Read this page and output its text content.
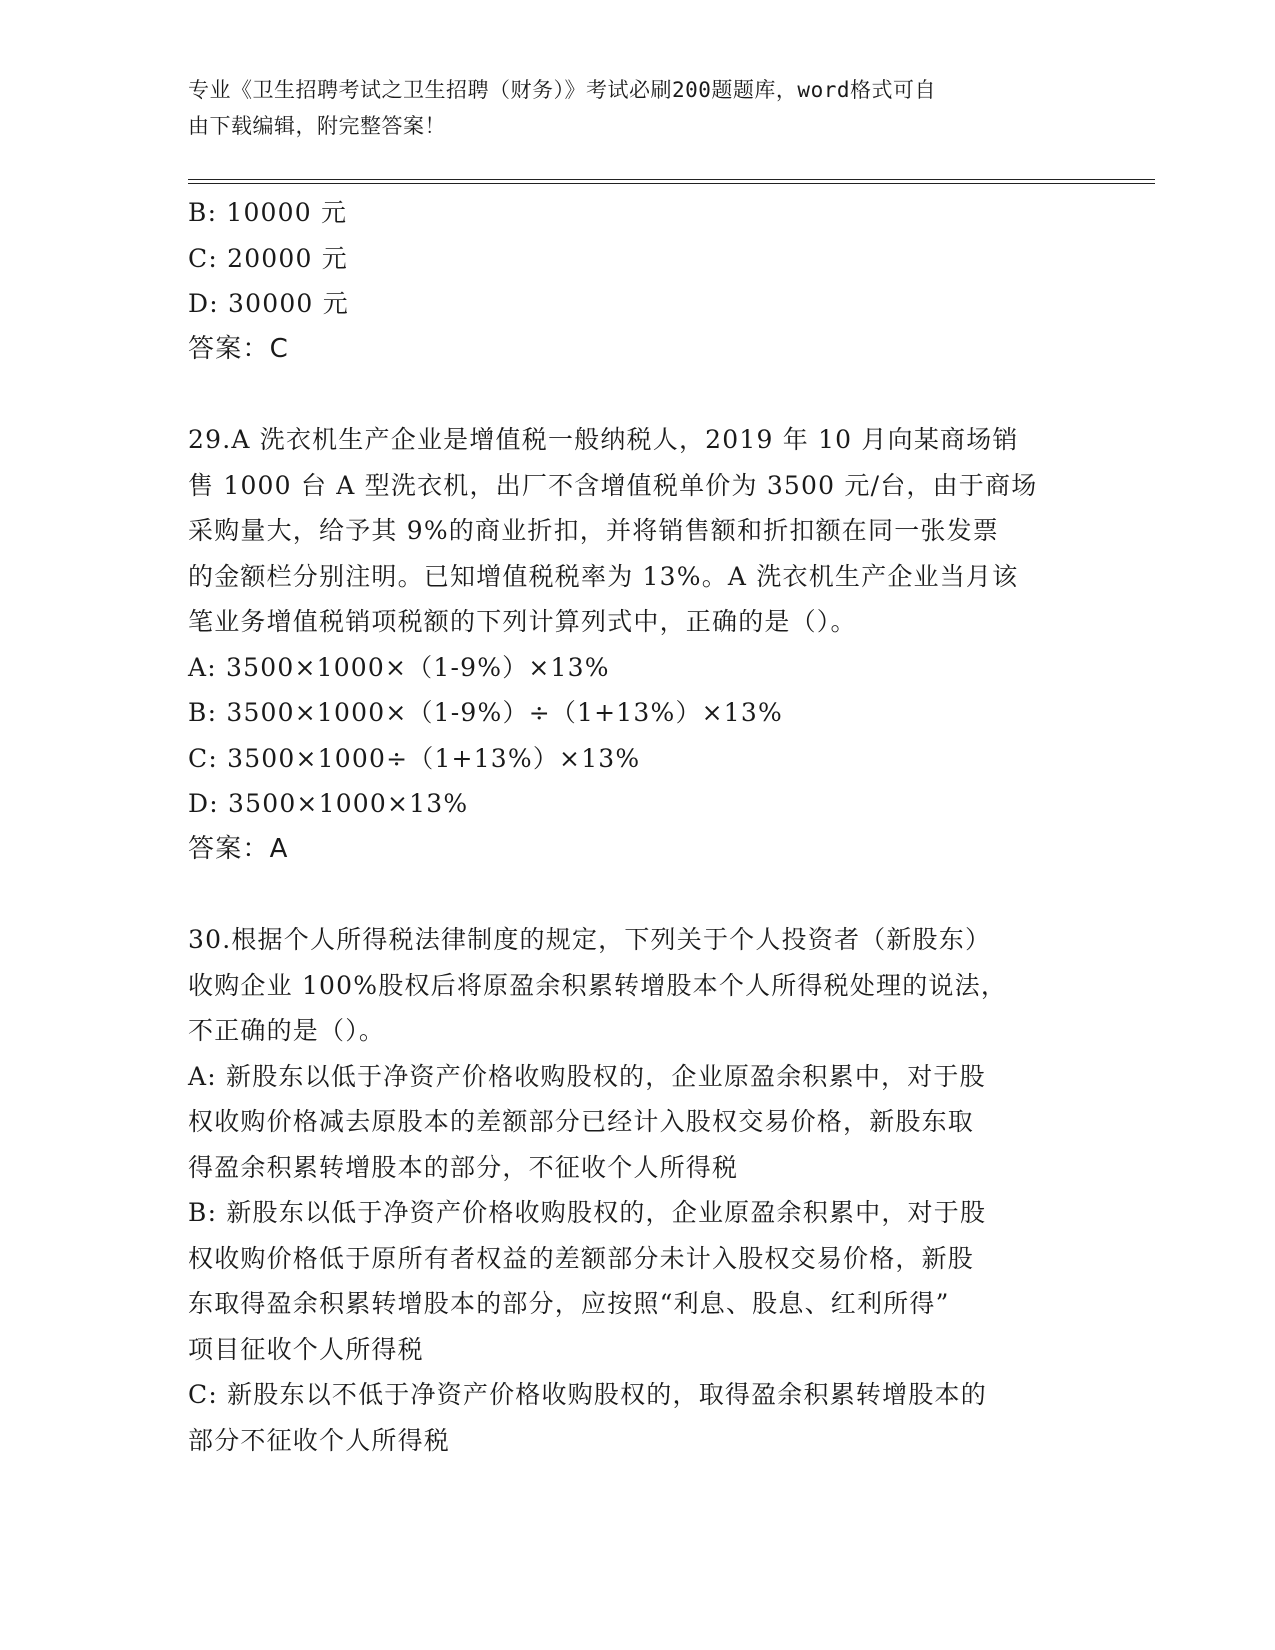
专业《卫生招聘考试之卫生招聘（财务）》考试必刷200题题库，word格式可自
由下载编辑，附完整答案！

B: 10000 元

C: 20000 元

D: 30000 元

答案：C

29.A 洗衣机生产企业是增值税一般纳税人，2019 年 10 月向某商场销

售 1000 台 A 型洗衣机，出厂不含增值税单价为 3500 元/台，由于商场

采购量大，给予其 9%的商业折扣，并将销售额和折扣额在同一张发票

的金额栏分别注明。已知增值税税率为 13%。A 洗衣机生产企业当月该

笔业务增值税销项税额的下列计算列式中，正确的是（）。

A: 3500×1000×（1-9%）×13%

B: 3500×1000×（1-9%）÷（1+13%）×13%

C: 3500×1000÷（1+13%）×13%

D: 3500×1000×13%

答案：A

30.根据个人所得税法律制度的规定，下列关于个人投资者（新股东）

收购企业 100%股权后将原盈余积累转增股本个人所得税处理的说法，

不正确的是（）。

A: 新股东以低于净资产价格收购股权的，企业原盈余积累中，对于股

权收购价格减去原股本的差额部分已经计入股权交易价格，新股东取

得盈余积累转增股本的部分，不征收个人所得税

B: 新股东以低于净资产价格收购股权的，企业原盈余积累中，对于股

权收购价格低于原所有者权益的差额部分未计入股权交易价格，新股

东取得盈余积累转增股本的部分，应按照“利息、股息、红利所得”

项目征收个人所得税

C: 新股东以不低于净资产价格收购股权的，取得盈余积累转增股本的

部分不征收个人所得税
